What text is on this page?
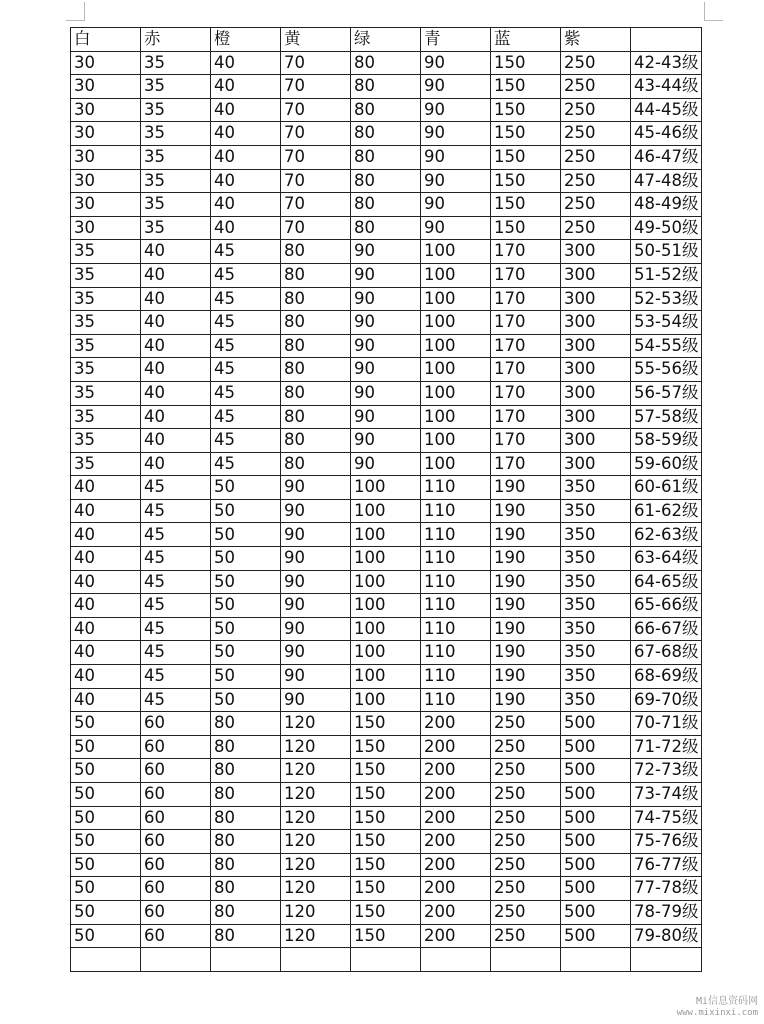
白	赤	橙	黄	绿	青	蓝	紫	
30	35	40	70	80	90	150	250	42-43级
30	35	40	70	80	90	150	250	43-44级
30	35	40	70	80	90	150	250	44-45级
30	35	40	70	80	90	150	250	45-46级
30	35	40	70	80	90	150	250	46-47级
30	35	40	70	80	90	150	250	47-48级
30	35	40	70	80	90	150	250	48-49级
30	35	40	70	80	90	150	250	49-50级
35	40	45	80	90	100	170	300	50-51级
35	40	45	80	90	100	170	300	51-52级
35	40	45	80	90	100	170	300	52-53级
35	40	45	80	90	100	170	300	53-54级
35	40	45	80	90	100	170	300	54-55级
35	40	45	80	90	100	170	300	55-56级
35	40	45	80	90	100	170	300	56-57级
35	40	45	80	90	100	170	300	57-58级
35	40	45	80	90	100	170	300	58-59级
35	40	45	80	90	100	170	300	59-60级
40	45	50	90	100	110	190	350	60-61级
40	45	50	90	100	110	190	350	61-62级
40	45	50	90	100	110	190	350	62-63级
40	45	50	90	100	110	190	350	63-64级
40	45	50	90	100	110	190	350	64-65级
40	45	50	90	100	110	190	350	65-66级
40	45	50	90	100	110	190	350	66-67级
40	45	50	90	100	110	190	350	67-68级
40	45	50	90	100	110	190	350	68-69级
40	45	50	90	100	110	190	350	69-70级
50	60	80	120	150	200	250	500	70-71级
50	60	80	120	150	200	250	500	71-72级
50	60	80	120	150	200	250	500	72-73级
50	60	80	120	150	200	250	500	73-74级
50	60	80	120	150	200	250	500	74-75级
50	60	80	120	150	200	250	500	75-76级
50	60	80	120	150	200	250	500	76-77级
50	60	80	120	150	200	250	500	77-78级
50	60	80	120	150	200	250	500	78-79级
50	60	80	120	150	200	250	500	79-80级

Mi信息资码网
www.mixinxi.com
